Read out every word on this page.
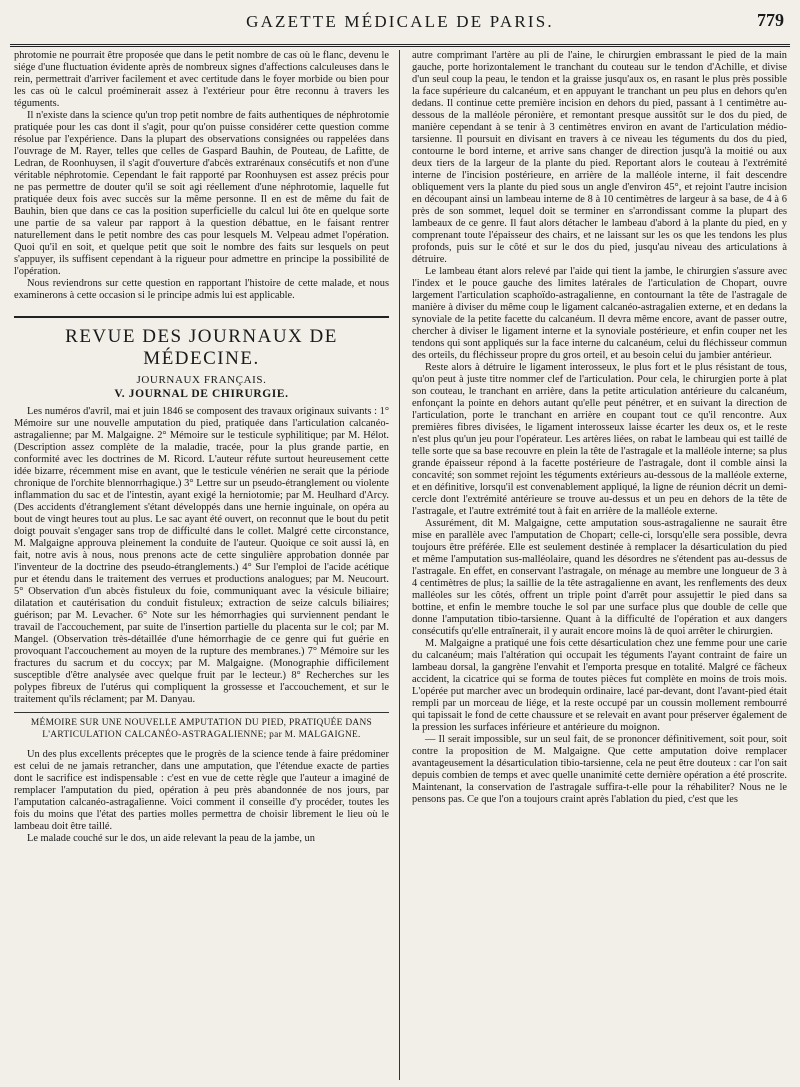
GAZETTE MÉDICALE DE PARIS.	779

phrotomie ne pourrait être proposée que dans le petit nombre de cas où le flanc, devenu le siége d'une fluctuation évidente après de nombreux signes d'affections calculeuses dans le rein, permettrait d'arriver facilement et avec certitude dans le foyer morbide ou bien pour les cas où le calcul proéminerait assez à l'extérieur pour être reconnu à travers les téguments.

Il n'existe dans la science qu'un trop petit nombre de faits authentiques de néphrotomie pratiquée pour les cas dont il s'agit, pour qu'on puisse considérer cette question comme résolue par l'expérience. Dans la plupart des observations consignées ou rappelées dans l'ouvrage de M. Rayer, telles que celles de Gaspard Bauhin, de Pouteau, de Lafitte, de Ledran, de Roonhuysen, il s'agit d'ouverture d'abcès extrarénaux consécutifs et non d'une véritable néphrotomie. Cependant le fait rapporté par Roonhuysen est assez précis pour ne pas permettre de douter qu'il se soit agi réellement d'une néphrotomie, laquelle fut pratiquée deux fois avec succès sur la même personne. Il en est de même du fait de Bauhin, bien que dans ce cas la position superficielle du calcul lui ôte en quelque sorte une partie de sa valeur par rapport à la question débattue, en le faisant rentrer naturellement dans le petit nombre des cas pour lesquels M. Velpeau admet l'opération. Quoi qu'il en soit, et quelque petit que soit le nombre des faits sur lesquels on peut s'appuyer, ils suffisent cependant à la rigueur pour admettre en principe la possibilité de l'opération.

Nous reviendrons sur cette question en rapportant l'histoire de cette malade, et nous examinerons à cette occasion si le principe admis lui est applicable.

REVUE DES JOURNAUX DE MÉDECINE.
JOURNAUX FRANÇAIS.
V. JOURNAL DE CHIRURGIE.

Les numéros d'avril, mai et juin 1846 se composent des travaux originaux suivants : 1° Mémoire sur une nouvelle amputation du pied, pratiquée dans l'articulation calcanéo-astragalienne; par M. Malgaigne. 2° Mémoire sur le testicule syphilitique; par M. Hélot. (Description assez complète de la maladie, tracée, pour la plus grande partie, en conformité avec les doctrines de M. Ricord. L'auteur réfute surtout heureusement cette idée bizarre, récemment mise en avant, que le testicule vénérien ne serait que la période chronique de l'orchite blennorrhagique.) 3° Lettre sur un pseudo-étranglement ou violente inflammation du sac et de l'intestin, ayant exigé la herniotomie; par M. Heulhard d'Arcy. (Des accidents d'étranglement s'étant développés dans une hernie inguinale, on opéra au bout de vingt heures tout au plus. Le sac ayant été ouvert, on reconnut que le bout du petit doigt pouvait s'engager sans trop de difficulté dans le collet. Malgré cette circonstance, M. Malgaigne approuva pleinement la conduite de l'auteur. Quoique ce soit aussi là, en fait, notre avis à nous, nous prenons acte de cette singulière approbation donnée par l'inventeur de la doctrine des pseudo-étranglements.) 4° Sur l'emploi de l'acide acétique pur et étendu dans le traitement des verrues et productions analogues; par M. Neucourt. 5° Observation d'un abcès fistuleux du foie, communiquant avec la vésicule biliaire; dilatation et cautérisation du conduit fistuleux; extraction de seize calculs biliaires; guérison; par M. Levacher. 6° Note sur les hémorrhagies qui surviennent pendant le travail de l'accouchement, par suite de l'insertion partielle du placenta sur le col; par M. Mangel. (Observation très-détaillée d'une hémorrhagie de ce genre qui fut guérie en provoquant l'accouchement au moyen de la rupture des membranes.) 7° Mémoire sur les fractures du sacrum et du coccyx; par M. Malgaigne. (Monographie difficilement susceptible d'être analysée avec quelque fruit par le lecteur.) 8° Recherches sur les polypes fibreux de l'utérus qui compliquent la grossesse et l'accouchement, et sur le traitement qu'ils réclament; par M. Danyau.

MÉMOIRE SUR UNE NOUVELLE AMPUTATION DU PIED, PRATIQUÉE DANS L'ARTICULATION CALCANÉO-ASTRAGALIENNE; par M. MALGAIGNE.

Un des plus excellents préceptes que le progrès de la science tende à faire prédominer est celui de ne jamais retrancher, dans une amputation, que l'étendue exacte de parties dont le sacrifice est indispensable : c'est en vue de cette règle que l'auteur a imaginé de remplacer l'amputation du pied, opération à peu près abandonnée de nos jours, par l'amputation calcanéo-astragalienne. Voici comment il conseille d'y procéder, toutes les fois du moins que l'état des parties molles permettra de choisir librement le lieu où le lambeau doit être taillé.

Le malade couché sur le dos, un aide relevant la peau de la jambe, un

autre comprimant l'artère au pli de l'aine, le chirurgien embrassant le pied de la main gauche, porte horizontalement le tranchant du couteau sur le tendon d'Achille, et divise d'un seul coup la peau, le tendon et la graisse jusqu'aux os, en rasant le plus près possible la face supérieure du calcanéum, et en appuyant le tranchant un peu plus en dehors qu'en dedans. Il continue cette première incision en dehors du pied, passant à 1 centimètre au-dessous de la malléole péronière, et remontant presque aussitôt sur le dos du pied, de manière cependant à se tenir à 3 centimètres environ en avant de l'articulation médio-tarsienne. Il poursuit en divisant en travers à ce niveau les téguments du dos du pied, contourne le bord interne, et arrive sans changer de direction jusqu'à la moitié ou aux deux tiers de la largeur de la plante du pied. Reportant alors le couteau à l'extrémité interne de l'incision postérieure, en arrière de la malléole interne, il fait descendre obliquement vers la plante du pied sous un angle d'environ 45°, et rejoint l'autre incision en découpant ainsi un lambeau interne de 8 à 10 centimètres de largeur à sa base, de 4 à 6 près de son sommet, lequel doit se terminer en s'arrondissant comme la plupart des lambeaux de ce genre. Il faut alors détacher le lambeau d'abord à la plante du pied, en y comprenant toute l'épaisseur des chairs, et ne laissant sur les os que les tendons les plus profonds, puis sur le côté et sur le dos du pied, jusqu'au niveau des articulations à détruire.

Le lambeau étant alors relevé par l'aide qui tient la jambe, le chirurgien s'assure avec l'index et le pouce gauche des limites latérales de l'articulation de Chopart, ouvre largement l'articulation scaphoïdo-astragalienne, en contournant la tête de l'astragale de manière à diviser du même coup le ligament calcanéo-astragalien externe, et en dedans la synoviale de la petite facette du calcanéum. Il devra même encore, avant de passer outre, chercher à diviser le ligament interne et la synoviale postérieure, et enfin couper net les tendons qui sont appliqués sur la face interne du calcanéum, celui du fléchisseur commun des orteils, du fléchisseur propre du gros orteil, et au besoin celui du jambier antérieur.

Reste alors à détruire le ligament interosseux, le plus fort et le plus résistant de tous, qu'on peut à juste titre nommer clef de l'articulation. Pour cela, le chirurgien porte à plat son couteau, le tranchant en arrière, dans la petite articulation antérieure du calcanéum, enfonçant la pointe en dehors autant qu'elle peut pénétrer, et en suivant la direction de l'articulation, porte le tranchant en arrière en coupant tout ce qu'il rencontre. Aux premières fibres divisées, le ligament interosseux laisse écarter les deux os, et le reste n'est plus qu'un jeu pour l'opérateur. Les artères liées, on rabat le lambeau qui est taillé de telle sorte que sa base recouvre en plein la tête de l'astragale et la malléole interne; sa plus grande épaisseur répond à la facette postérieure de l'astragale, dont il comble ainsi la concavité; son sommet rejoint les téguments extérieurs au-dessous de la malléole externe, et en définitive, lorsqu'il est convenablement appliqué, la ligne de réunion décrit un demi-cercle dont l'extrémité antérieure se trouve au-dessus et un peu en dehors de la tête de l'astragale, et l'autre extrémité tout à fait en arrière de la malléole externe.

Assurément, dit M. Malgaigne, cette amputation sous-astragalienne ne saurait être mise en parallèle avec l'amputation de Chopart; celle-ci, lorsqu'elle sera possible, devra toujours être préférée. Elle est seulement destinée à remplacer la désarticulation du pied et même l'amputation sus-malléolaire, quand les désordres ne s'étendent pas au-dessus de l'astragale. En effet, en conservant l'astragale, on ménage au membre une longueur de 3 à 4 centimètres de plus; la saillie de la tête astragalienne en avant, les renflements des deux malléoles sur les côtés, offrent un triple point d'arrêt pour assujettir le pied dans sa bottine, et enfin le membre touche le sol par une surface plus que double de celle que donne l'amputation tibio-tarsienne. Quant à la difficulté de l'opération et aux dangers consécutifs qu'elle entraînerait, il y aurait encore moins là de quoi arrêter le chirurgien.

M. Malgaigne a pratiqué une fois cette désarticulation chez une femme pour une carie du calcanéum; mais l'altération qui occupait les téguments l'ayant contraint de faire un lambeau dorsal, la gangrène l'envahit et l'emporta presque en totalité. Malgré ce fâcheux accident, la cicatrice qui se forma de toutes pièces fut complète en moins de trois mois. L'opérée put marcher avec un brodequin ordinaire, lacé par-devant, dont l'avant-pied était rempli par un morceau de liége, et la reste occupé par un coussin mollement rembourré qui tapissait le fond de cette chaussure et se relevait en avant pour préserver également de la pression les surfaces inférieure et antérieure du moignon.

— Il serait impossible, sur un seul fait, de se prononcer définitivement, soit pour, soit contre la proposition de M. Malgaigne. Que cette amputation doive remplacer avantageusement la désarticulation tibio-tarsienne, cela ne peut être douteux : car l'on sait depuis combien de temps et avec quelle unanimité cette dernière opération a été proscrite. Maintenant, la conservation de l'astragale suffira-t-elle pour la réhabiliter? Nous ne le pensons pas. Ce que l'on a toujours craint après l'ablation du pied, c'est que les
